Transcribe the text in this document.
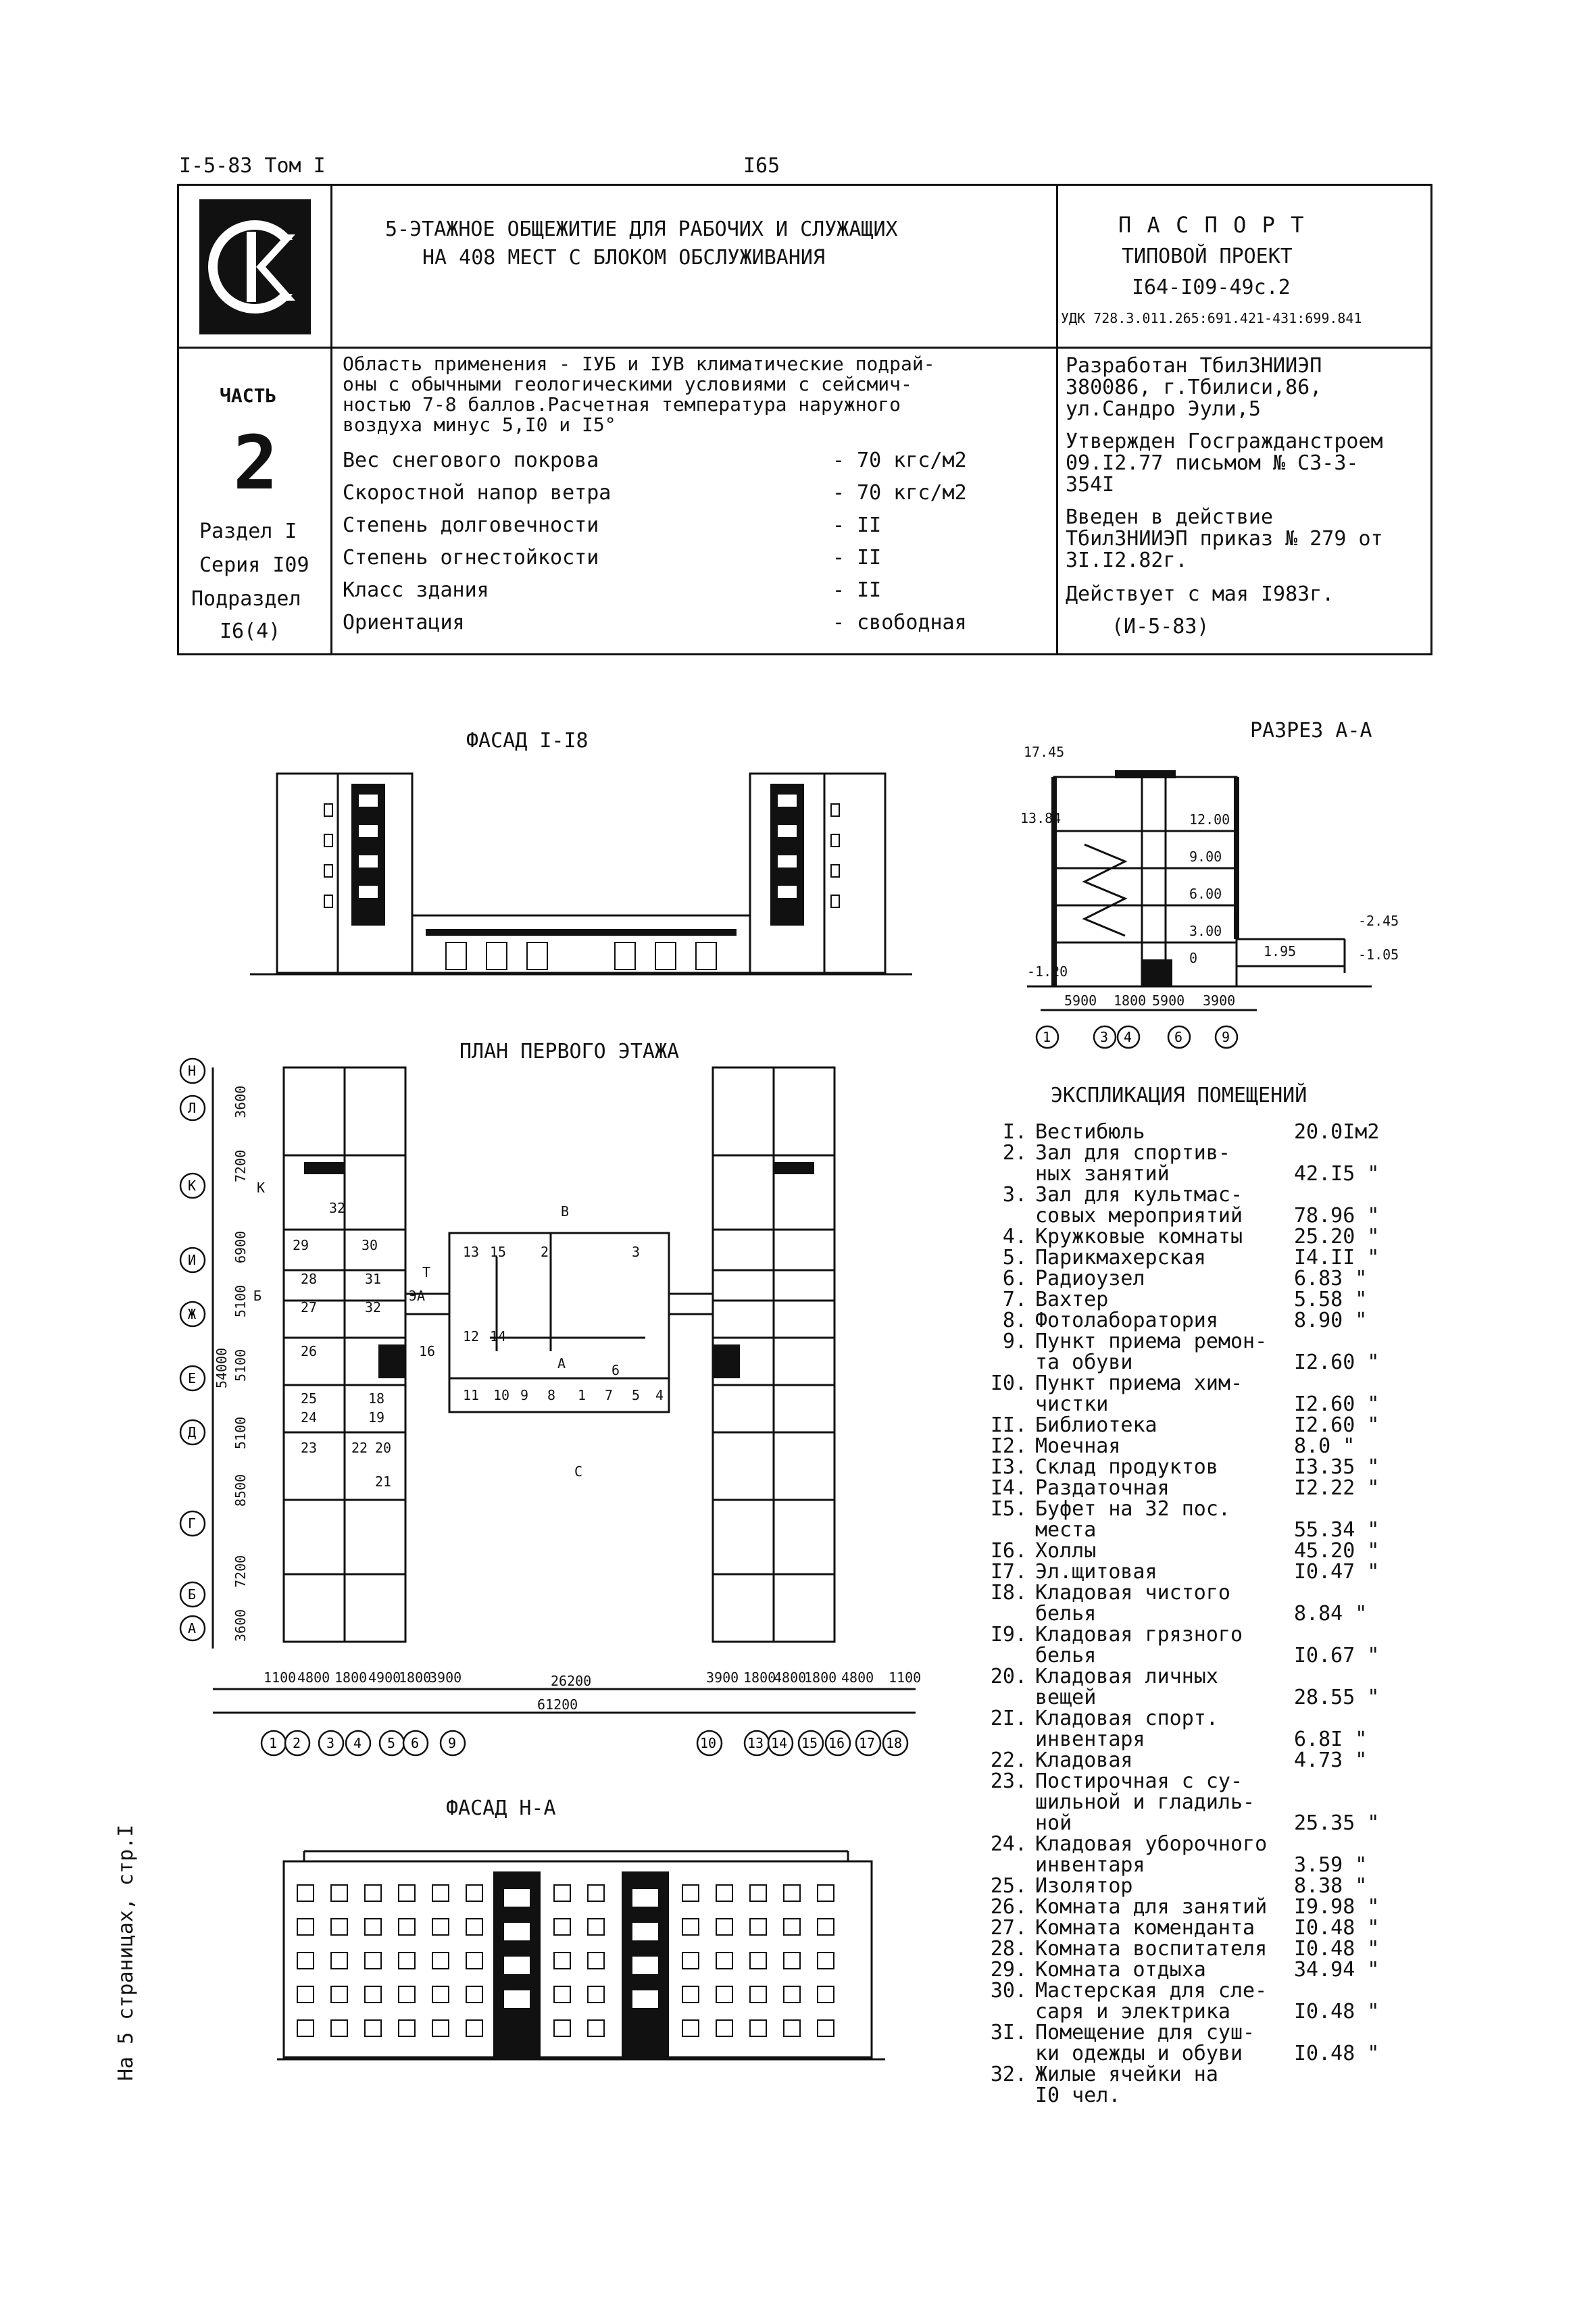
I-5-83 Том I	I65
5-ЭТАЖНОЕ ОБЩЕЖИТИЕ ДЛЯ РАБОЧИХ И СЛУЖАЩИХ
НА 408 МЕСТ С БЛОКОМ ОБСЛУЖИВАНИЯ
П А С П О Р Т
ТИПОВОЙ ПРОЕКТ
I64-I09-49с.2
УДК 728.3.011.265:691.421-431:699.841
ЧАСТЬ
2
Раздел I
Серия I09
Подраздел
I6(4)
Область применения - IУБ и IУВ климатические подрай-
оны с обычными геологическими условиями с сейсмич-
ностью 7-8 баллов.Расчетная температура наружного
воздуха минус 5,I0 и I5°
Вес снегового покрова	- 70 кгс/м2
Скоростной напор ветра	- 70 кгс/м2
Степень долговечности	- II
Степень огнестойкости	- II
Класс здания	- II
Ориентация	- свободная
Разработан ТбилЗНИИЭП
380086, г.Тбилиси,86,
ул.Сандро Эули,5
Утвержден Госгражданстроем
09.I2.77 письмом № СЗ-3-
354I
Введен в действие
ТбилЗНИИЭП приказ № 279 от
3I.I2.82г.
Действует с мая I983г.
(И-5-83)
ФАСАД I-I8	РАЗРЕЗ А-А
ПЛАН ПЕРВОГО ЭТАЖА
ФАСАД Н-А
17.45
13.84	12.00
9.00
6.00
3.00
0
-2.45
-1.05
1.95
-1.20
5900 1800 5900 3900
1	3 4	6	9
26200
61200
3600
7200
6900
5100
5100
5100
8500
7200
3600
54000
32
29	30
28	31
27	32
26	16
25
24
18
19
23	22 20
21
13 15	2	3
12 14
11 10 9 8 1 7 5 4
6
ЭА
Т
К
Б
В
А
С
1100 4800 1800 4900
1800
3900	3900 1800
4800
1800 4800 1100
1 2 3 4 5 6 9	10 13 14 15 16 17 18
Н
Л
К
И
Ж
Е
Д
Г
Б
А
ЭКСПЛИКАЦИЯ ПОМЕЩЕНИЙ
I. Вестибюль	20.0Iм2
2. Зал для спортив-
ных занятий	42.I5 "
3. Зал для культмас-
совых мероприятий	78.96 "
4. Кружковые комнаты	25.20 "
5. Парикмахерская	I4.II "
6. Радиоузел	6.83 "
7. Вахтер	5.58 "
8. Фотолаборатория	8.90 "
9. Пункт приема ремон-
та обуви	I2.60 "
I0. Пункт приема хим-
чистки	I2.60 "
II. Библиотека	I2.60 "
I2. Моечная	8.0 "
I3. Склад продуктов	I3.35 "
I4. Раздаточная	I2.22 "
I5. Буфет на 32 пос.
места	55.34 "
I6. Холлы	45.20 "
I7. Эл.щитовая	I0.47 "
I8. Кладовая чистого
белья	8.84 "
I9. Кладовая грязного
белья	I0.67 "
20. Кладовая личных
вещей	28.55 "
2I. Кладовая спорт.
инвентаря	6.8I "
22. Кладовая	4.73 "
23. Постирочная с су-
шильной и гладиль-
ной	25.35 "
24. Кладовая уборочного
инвентаря	3.59 "
25. Изолятор	8.38 "
26. Комната для занятий I9.98 "
27. Комната коменданта I0.48 "
28. Комната воспитателя I0.48 "
29. Комната отдыха	34.94 "
30. Мастерская для сле-
саря и электрика	I0.48 "
3I. Помещение для суш-
ки одежды и обуви	I0.48 "
32. Жилые ячейки на
I0 чел.
На 5 страницах, стр.I
